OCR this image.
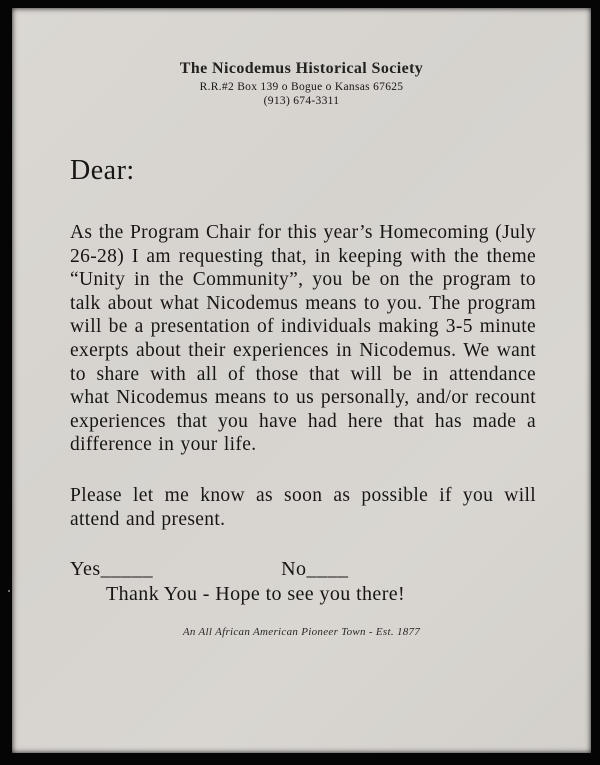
The Nicodemus Historical Society
R.R.#2 Box 139 o Bogue o Kansas 67625
(913) 674-3311
Dear:
As the Program Chair for this year’s Homecoming (July 26-28) I am requesting that, in keeping with the theme “Unity in the Community”, you be on the program to talk about what Nicodemus means to you. The program will be a presentation of individuals making 3-5 minute exerpts about their experiences in Nicodemus. We want to share with all of those that will be in attendance what Nicodemus means to us personally, and/or recount experiences that you have had here that has made a difference in your life.
Please let me know as soon as possible if you will attend and present.
Yes_____	No____
Thank You - Hope to see you there!
An All African American Pioneer Town - Est. 1877
